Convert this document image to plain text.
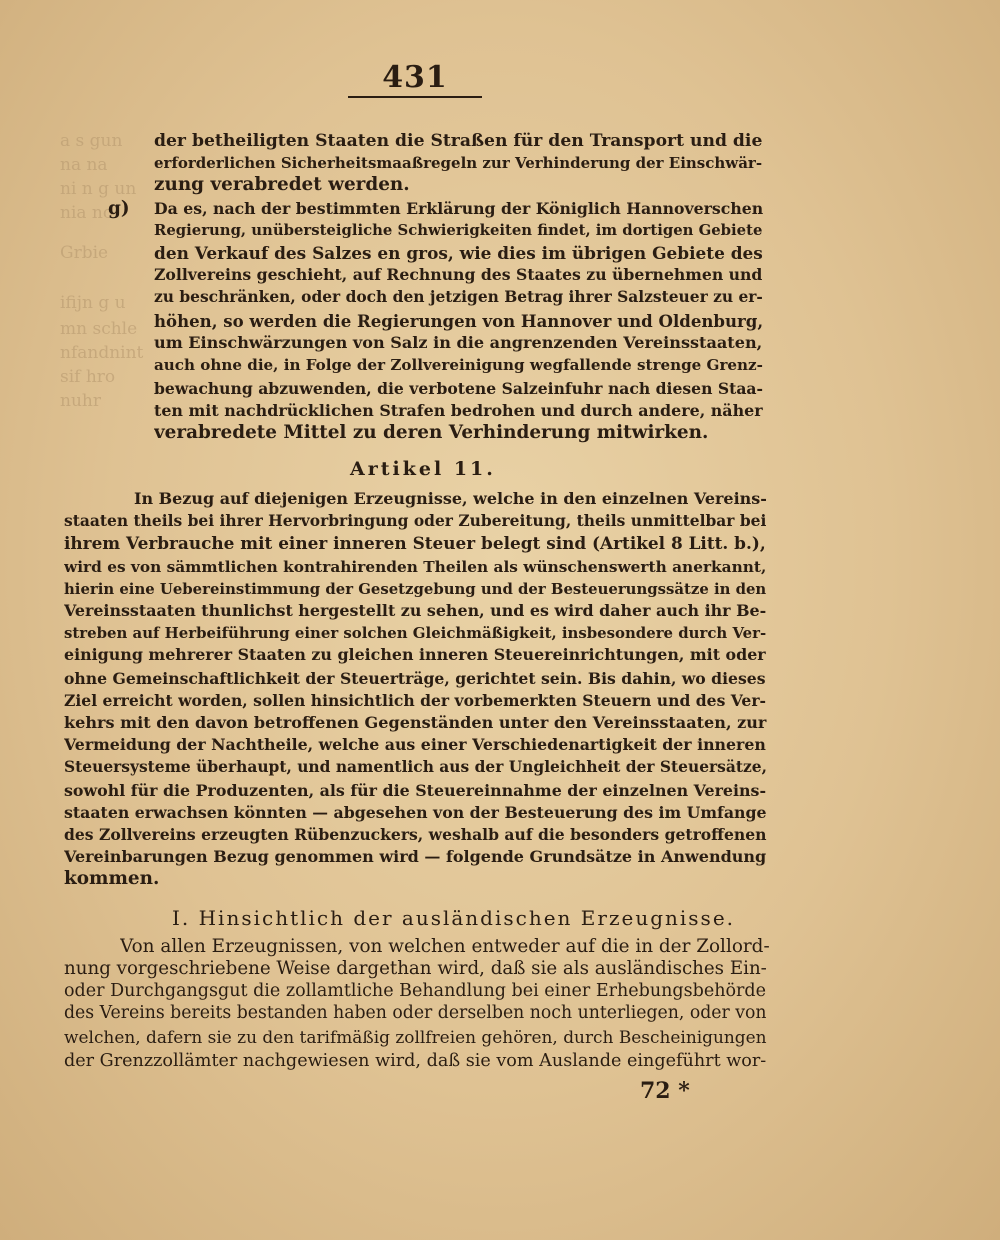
a s gun
na na
ni n g un
nia no
Grbie
ifijn g u
mn schle
nfandnint
sif hro
nuhr
431
g)
der betheiligten Staaten die Straßen für den Transport und die
erforderlichen Sicherheitsmaaßregeln zur Verhinderung der Einschwär-
zung verabredet werden.
Da es, nach der bestimmten Erklärung der Königlich Hannoverschen
Regierung, unübersteigliche Schwierigkeiten findet, im dortigen Gebiete
den Verkauf des Salzes en gros, wie dies im übrigen Gebiete des
Zollvereins geschieht, auf Rechnung des Staates zu übernehmen und
zu beschränken, oder doch den jetzigen Betrag ihrer Salzsteuer zu er-
höhen, so werden die Regierungen von Hannover und Oldenburg,
um Einschwärzungen von Salz in die angrenzenden Vereinsstaaten,
auch ohne die, in Folge der Zollvereinigung wegfallende strenge Grenz-
bewachung abzuwenden, die verbotene Salzeinfuhr nach diesen Staa-
ten mit nachdrücklichen Strafen bedrohen und durch andere, näher
verabredete Mittel zu deren Verhinderung mitwirken.
Artikel 11.
In Bezug auf diejenigen Erzeugnisse, welche in den einzelnen Vereins-
staaten theils bei ihrer Hervorbringung oder Zubereitung, theils unmittelbar bei
ihrem Verbrauche mit einer inneren Steuer belegt sind (Artikel 8 Litt. b.),
wird es von sämmtlichen kontrahirenden Theilen als wünschenswerth anerkannt,
hierin eine Uebereinstimmung der Gesetzgebung und der Besteuerungssätze in den
Vereinsstaaten thunlichst hergestellt zu sehen, und es wird daher auch ihr Be-
streben auf Herbeiführung einer solchen Gleichmäßigkeit, insbesondere durch Ver-
einigung mehrerer Staaten zu gleichen inneren Steuereinrichtungen, mit oder
ohne Gemeinschaftlichkeit der Steuerträge, gerichtet sein. Bis dahin, wo dieses
Ziel erreicht worden, sollen hinsichtlich der vorbemerkten Steuern und des Ver-
kehrs mit den davon betroffenen Gegenständen unter den Vereinsstaaten, zur
Vermeidung der Nachtheile, welche aus einer Verschiedenartigkeit der inneren
Steuersysteme überhaupt, und namentlich aus der Ungleichheit der Steuersätze,
sowohl für die Produzenten, als für die Steuereinnahme der einzelnen Vereins-
staaten erwachsen könnten — abgesehen von der Besteuerung des im Umfange
des Zollvereins erzeugten Rübenzuckers, weshalb auf die besonders getroffenen
Vereinbarungen Bezug genommen wird — folgende Grundsätze in Anwendung
kommen.
I. Hinsichtlich der ausländischen Erzeugnisse.
Von allen Erzeugnissen, von welchen entweder auf die in der Zollord-
nung vorgeschriebene Weise dargethan wird, daß sie als ausländisches Ein-
oder Durchgangsgut die zollamtliche Behandlung bei einer Erhebungsbehörde
des Vereins bereits bestanden haben oder derselben noch unterliegen, oder von
welchen, dafern sie zu den tarifmäßig zollfreien gehören, durch Bescheinigungen
der Grenzzollämter nachgewiesen wird, daß sie vom Auslande eingeführt wor-
72 *
